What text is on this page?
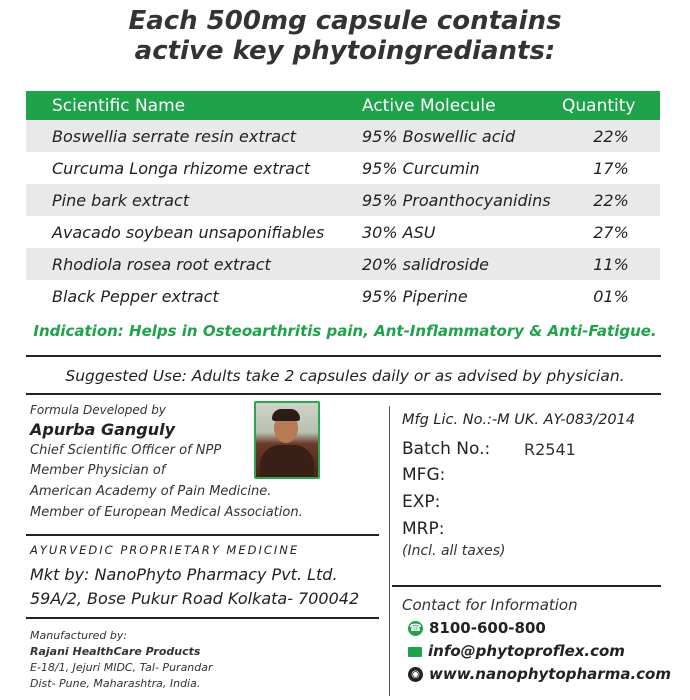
Each 500mg capsule contains
active key phytoingrediants:
Scientific Name	Active Molecule	Quantity
Boswellia serrate resin extract	95% Boswellic acid	22%
Curcuma Longa rhizome extract	95% Curcumin	17%
Pine bark extract	95% Proanthocyanidins	22%
Avacado soybean unsaponifiables	30% ASU	27%
Rhodiola rosea root extract	20% salidroside	11%
Black Pepper extract	95% Piperine	01%
Indication: Helps in Osteoarthritis pain, Ant-Inflammatory & Anti-Fatigue.
Suggested Use: Adults take 2 capsules daily or as advised by physician.
Formula Developed by
Apurba Ganguly
Chief Scientific Officer of NPP
Member Physician of
American Academy of Pain Medicine.
Member of European Medical Association.
AYURVEDIC PROPRIETARY MEDICINE
Mkt by: NanoPhyto Pharmacy Pvt. Ltd.
59A/2, Bose Pukur Road Kolkata- 700042
Manufactured by:
Rajani HealthCare Products
E-18/1, Jejuri MIDC, Tal- Purandar
Dist- Pune, Maharashtra, India.
Mfg Lic. No.:-M UK. AY-083/2014
Batch No.: R2541
MFG:
EXP:
MRP:
(Incl. all taxes)
Contact for Information
☎ 8100-600-800
info@phytoproflex.com
◉ www.nanophytopharma.com
